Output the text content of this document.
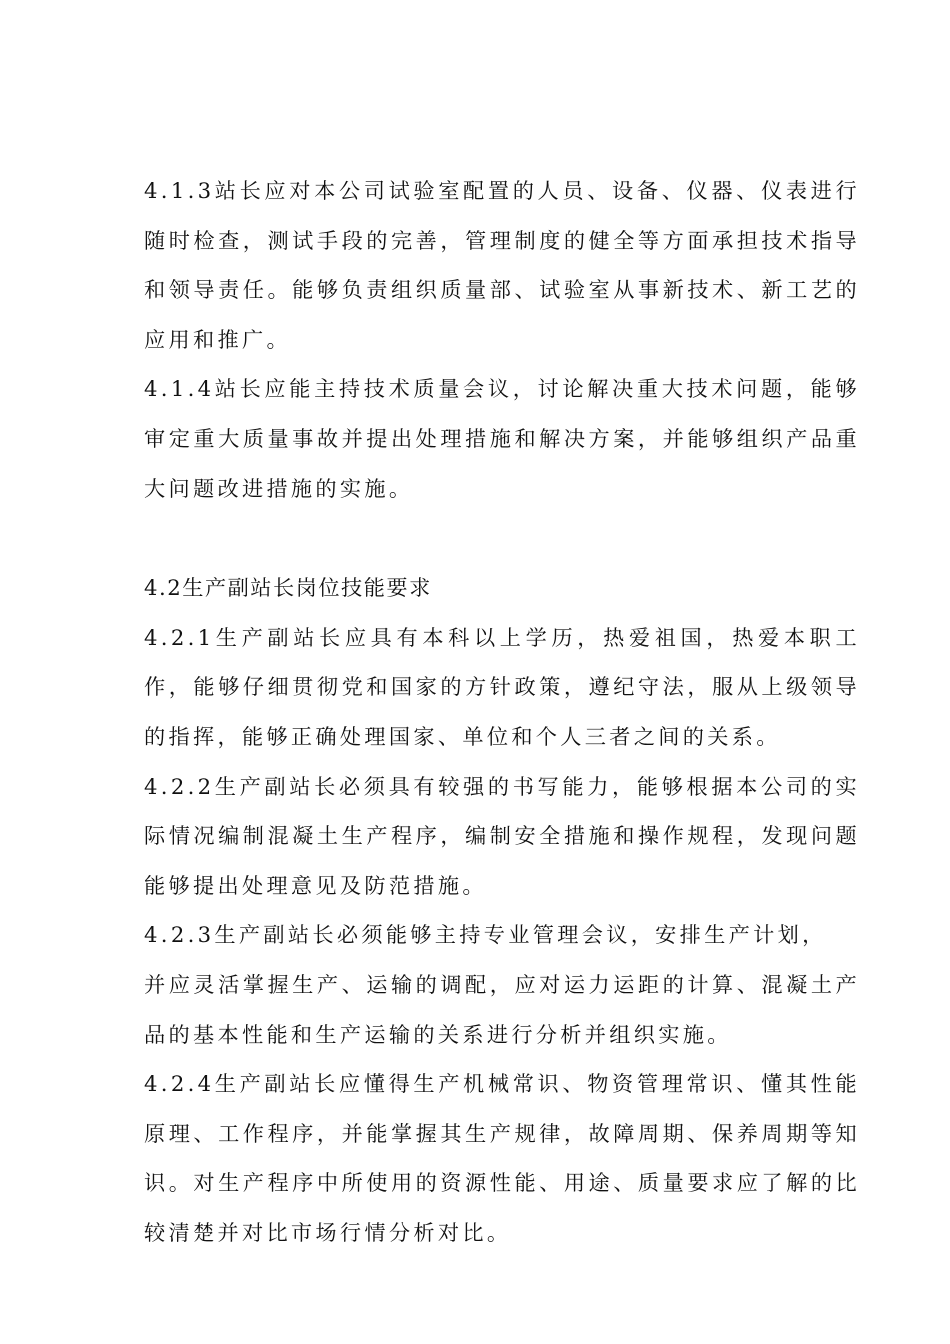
4.1.3站长应对本公司试验室配置的人员、设备、仪器、仪表进行随时检查，测试手段的完善，管理制度的健全等方面承担技术指导和领导责任。能够负责组织质量部、试验室从事新技术、新工艺的应用和推广。

4.1.4站长应能主持技术质量会议，讨论解决重大技术问题，能够审定重大质量事故并提出处理措施和解决方案，并能够组织产品重大问题改进措施的实施。

4.2生产副站长岗位技能要求

4.2.1生产副站长应具有本科以上学历，热爱祖国，热爱本职工作，能够仔细贯彻党和国家的方针政策，遵纪守法，服从上级领导的指挥，能够正确处理国家、单位和个人三者之间的关系。

4.2.2生产副站长必须具有较强的书写能力，能够根据本公司的实际情况编制混凝土生产程序，编制安全措施和操作规程，发现问题能够提出处理意见及防范措施。

4.2.3生产副站长必须能够主持专业管理会议，安排生产计划，

并应灵活掌握生产、运输的调配，应对运力运距的计算、混凝土产品的基本性能和生产运输的关系进行分析并组织实施。

4.2.4生产副站长应懂得生产机械常识、物资管理常识、懂其性能原理、工作程序，并能掌握其生产规律，故障周期、保养周期等知识。对生产程序中所使用的资源性能、用途、质量要求应了解的比较清楚并对比市场行情分析对比。
